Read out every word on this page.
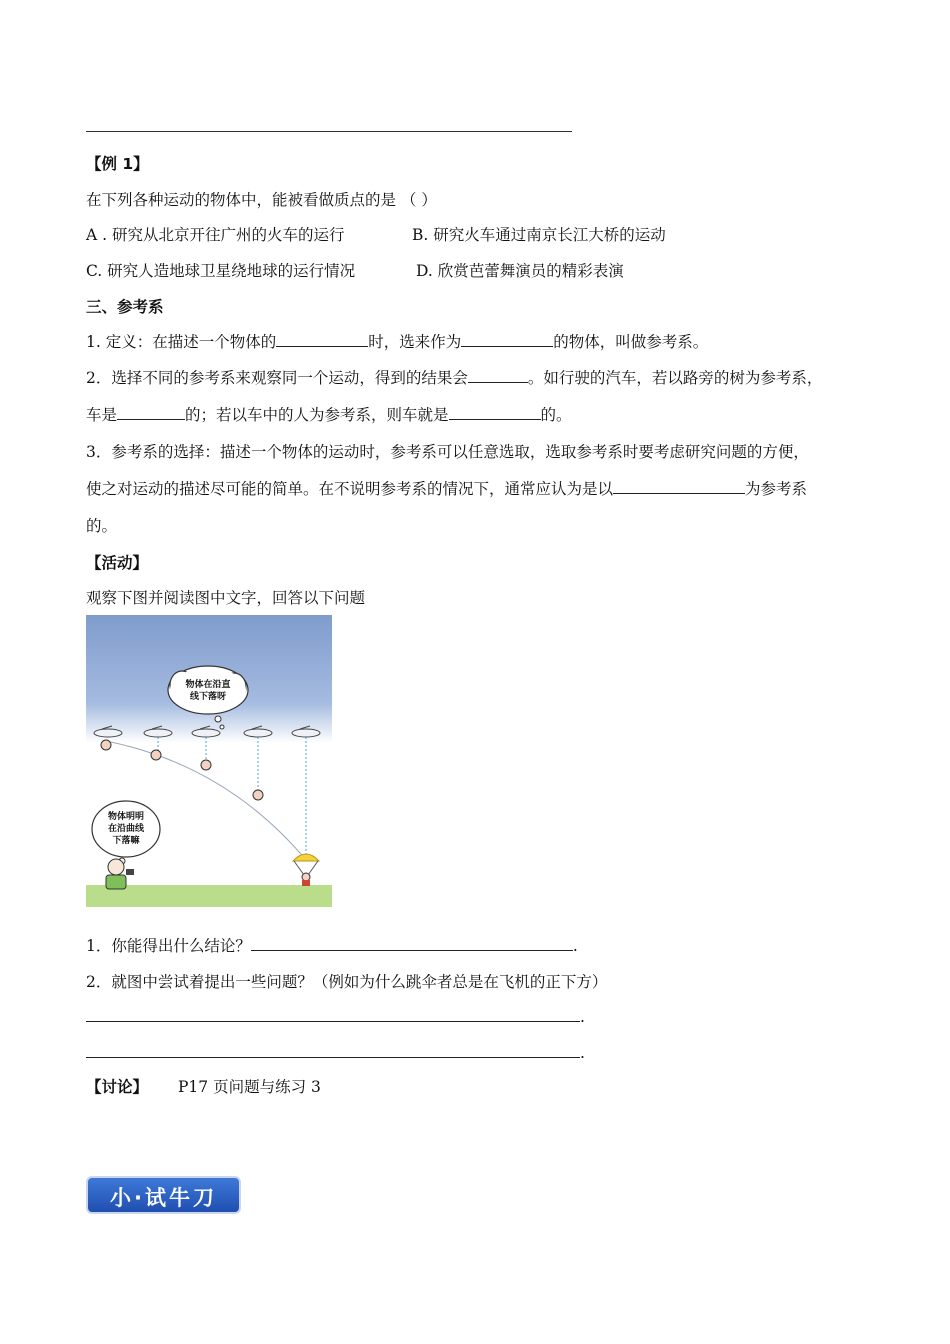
【例 1】
在下列各种运动的物体中，能被看做质点的是 （ ）
A . 研究从北京开往广州的火车的运行	B. 研究火车通过南京长江大桥的运动
C. 研究人造地球卫星绕地球的运行情况	D. 欣赏芭蕾舞演员的精彩表演
三、参考系
1. 定义：在描述一个物体的	时，选来作为	的物体，叫做参考系。
2．选择不同的参考系来观察同一个运动，得到的结果会	。如行驶的汽车，若以路旁的树为参考系，
车是	的；若以车中的人为参考系，则车就是	的。
3．参考系的选择：描述一个物体的运动时，参考系可以任意选取，选取参考系时要考虑研究问题的方便，
使之对运动的描述尽可能的简单。在不说明参考系的情况下，通常应认为是以	为参考系
的。
【活动】
观察下图并阅读图中文字，回答以下问题
物体在沿直
线下落呀
物体明明
在沿曲线
下落嘛
1．你能得出什么结论？	.
2．就图中尝试着提出一些问题？（例如为什么跳伞者总是在飞机的正下方）
.
.
【讨论】 P17 页问题与练习 3
小·试牛刀
